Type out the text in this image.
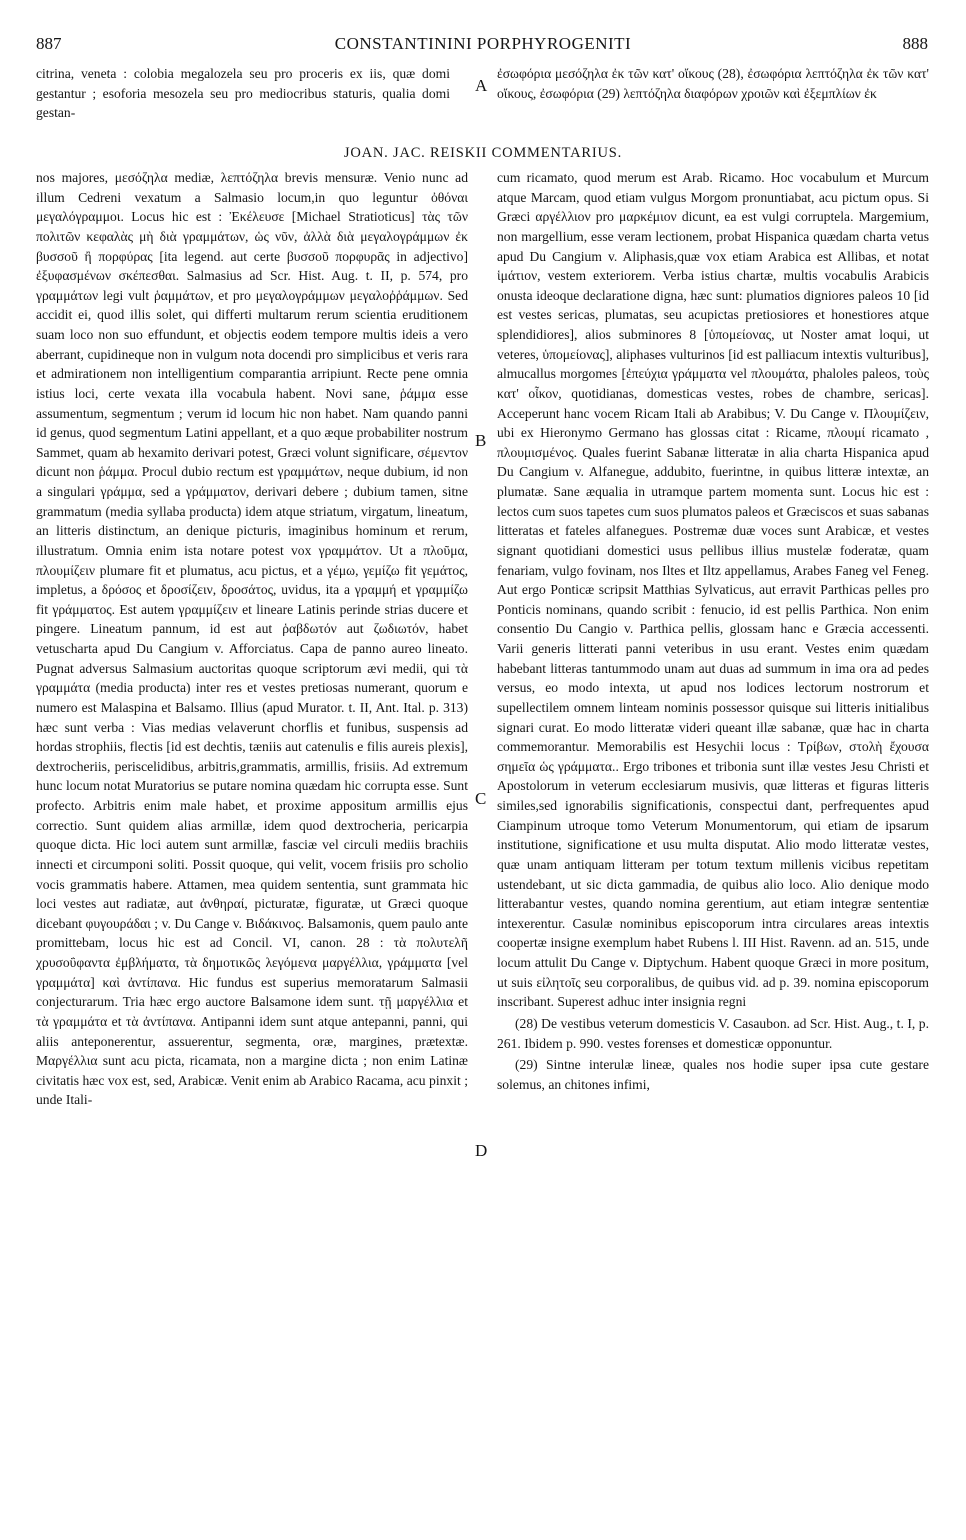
887	CONSTANTININI PORPHYROGENITI	888

citrina, veneta : colobia megalozela seu pro proceris ex iis, quæ domi gestantur ; esoforia mesozela seu pro mediocribus staturis, qualia domi gestan-

ἐσωφόρια μεσόζηλα ἐκ τῶν κατ' οἴκους (28), ἐσωφόρια λεπτόζηλα ἐκ τῶν κατ' οἴκους, ἐσωφόρια (29) λεπτόζηλα διαφόρων χροιῶν καὶ ἐξεμπλίων ἐκ

JOAN. JAC. REISKII COMMENTARIUS.

nos majores, μεσόζηλα mediæ, λεπτόζηλα brevis mensuræ. Venio nunc ad illum Cedreni vexatum a Salmasio locum,in quo leguntur ὀθόναι μεγαλόγραμμοι. Locus hic est : Ἐκέλευσε [Michael Stratioticus] τὰς τῶν πολιτῶν κεφαλὰς μὴ διὰ γραμμάτων, ὡς νῦν, ἀλλὰ διὰ μεγαλογράμμων ἐκ βυσσοῦ ἢ πορφύρας [ita legend. aut certe βυσσοῦ πορφυρᾶς in adjectivo] ἐξυφασμένων σκέπεσθαι. Salmasius ad Scr. Hist. Aug. t. II, p. 574, pro γραμμάτων legi vult ῥαμμάτων, et pro μεγαλογράμμων μεγαλοῤῥάμμων. Sed accidit ei, quod illis solet, qui differti multarum rerum scientia eruditionem suam loco non suo effundunt, et objectis eodem tempore multis ideis a vero aberrant, cupidineque non in vulgum nota docendi pro simplicibus et veris rara et admirationem non intelligentium comparantia arripiunt. Recte pene omnia istius loci, certe vexata illa vocabula habent. Novi sane, ῥάμμα esse assumentum, segmentum ; verum id locum hic non habet. Nam quando panni id genus, quod segmentum Latini appellant, et a quo æque probabiliter nostrum Sammet, quam ab hexamito derivari potest, Græci volunt significare, σέμεντον dicunt non ῥάμμα. Procul dubio rectum est γραμμάτων, neque dubium, id non a singulari γράμμα, sed a γράμματον, derivari debere ; dubium tamen, sitne grammatum (media syllaba producta) idem atque striatum, virgatum, lineatum, an litteris distinctum, an denique picturis, imaginibus hominum et rerum, illustratum. Omnia enim ista notare potest vox γραμμάτον. Ut a πλοῦμα, πλουμίζειν plumare fit et plumatus, acu pictus, et a γέμω, γεμίζω fit γεμάτος, impletus, a δρόσος et δροσίζειν, δροσάτος, uvidus, ita a γραμμή et γραμμίζω fit γράμματος. Est autem γραμμίζειν et lineare Latinis perinde strias ducere et pingere. Lineatum pannum, id est aut ῥαβδωτόν aut ζωδιωτόν, habet vetuscharta apud Du Cangium v. Afforciatus. Capa de panno aureo lineato. Pugnat adversus Salmasium auctoritas quoque scriptorum ævi medii, qui τὰ γραμμάτα (media producta) inter res et vestes pretiosas numerant, quorum e numero est Malaspina et Balsamo. Illius (apud Murator. t. II, Ant. Ital. p. 313) hæc sunt verba : Vias medias velaverunt chorflis et funibus, suspensis ad hordas strophiis, flectis [id est dechtis, tæniis aut catenulis e filis aureis plexis], dextrocheriis, periscelidibus, arbitris,grammatis, armillis, frisiis. Ad extremum hunc locum notat Muratorius se putare nomina quædam hic corrupta esse. Sunt profecto. Arbitris enim male habet, et proxime appositum armillis ejus correctio. Sunt quidem alias armillæ, idem quod dextrocheria, pericarpia quoque dicta. Hic loci autem sunt armillæ, fasciæ vel circuli mediis brachiis innecti et circumponi soliti. Possit quoque, qui velit, vocem frisiis pro scholio vocis grammatis habere. Attamen, mea quidem sententia, sunt grammata hic loci vestes aut radiatæ, aut ἀνθηραί, picturatæ, figuratæ, ut Græci quoque dicebant φυγουράδαι ; v. Du Cange v. Βιδάκινος. Balsamonis, quem paulo ante promittebam, locus hic est ad Concil. VI, canon. 28 : τὰ πολυτελῆ χρυσοΰφαντα ἐμβλήματα, τὰ δημοτικῶς λεγόμενα μαργέλλια, γράμματα [vel γραμμάτα] καὶ ἀντίπανα. Hic fundus est superius memoratarum Salmasii conjecturarum. Tria hæc ergo auctore Balsamone idem sunt. τῇ μαργέλλια et τὰ γραμμάτα et τὰ ἀντίπανα. Antipanni idem sunt atque antepanni, panni, qui aliis anteponerentur, assuerentur, segmenta, oræ, margines, prætextæ. Μαργέλλια sunt acu picta, ricamata, non a margine dicta ; non enim Latinæ civitatis hæc vox est, sed, Arabicæ. Venit enim ab Arabico Racama, acu pinxit ; unde Itali-

cum ricamato, quod merum est Arab. Ricamo. Hoc vocabulum et Murcum atque Marcam, quod etiam vulgus Morgom pronuntiabat, acu pictum opus. Si Græci αργέλλιον pro μαρκέμιον dicunt, ea est vulgi corruptela. Margemium, non margellium, esse veram lectionem, probat Hispanica quædam charta vetus apud Du Cangium v. Aliphasis,quæ vox etiam Arabica est Allibas, et notat ἱμάτιον, vestem exteriorem. Verba istius chartæ, multis vocabulis Arabicis onusta ideoque declaratione digna, hæc sunt: plumatios digniores paleos 10 [id est vestes sericas, plumatas, seu acupictas pretiosiores et honestiores atque splendidiores], alios subminores 8 [ὑπομείονας, ut Noster amat loqui, ut veteres, ὑπομείονας], aliphases vulturinos [id est palliacum intextis vulturibus], almucallus morgomes [ἐπεύχια γράμματα vel πλουμάτα, phaloles paleos, τοὺς κατ' οἶκον, quotidianas, domesticas vestes, robes de chambre, sericas]. Acceperunt hanc vocem Ricam Itali ab Arabibus; V. Du Cange v. Πλουμίζειν, ubi ex Hieronymo Germano has glossas citat : Ricame, πλουμί ricamato , πλουμισμένος. Quales fuerint Sabanæ litteratæ in alia charta Hispanica apud Du Cangium v. Alfanegue, addubito, fuerintne, in quibus litteræ intextæ, an plumatæ. Sane æqualia in utramque partem momenta sunt. Locus hic est : lectos cum suos tapetes cum suos plumatos paleos et Græciscos et suas sabanas litteratas et fateles alfanegues. Postremæ duæ voces sunt Arabicæ, et vestes signant quotidiani domestici usus pellibus illius mustelæ foderatæ, quam fenariam, vulgo fovinam, nos Iltes et Iltz appellamus, Arabes Faneg vel Feneg. Aut ergo Ponticæ scripsit Matthias Sylvaticus, aut erravit Parthicas pelles pro Ponticis nominans, quando scribit : fenucio, id est pellis Parthica. Non enim consentio Du Cangio v. Parthica pellis, glossam hanc e Græcia accessenti. Varii generis litterati panni veteribus in usu erant. Vestes enim quædam habebant litteras tantummodo unam aut duas ad summum in ima ora ad pedes versus, eo modo intexta, ut apud nos lodices lectorum nostrorum et supellectilem omnem linteam nominis possessor quisque sui litteris initialibus signari curat. Eo modo litteratæ videri queant illæ sabanæ, quæ hac in charta commemorantur. Memorabilis est Hesychii locus : Τρίβων, στολὴ ἔχουσα σημεῖα ὡς γράμματα.. Ergo tribones et tribonia sunt illæ vestes Jesu Christi et Apostolorum in veterum ecclesiarum musivis, quæ litteras et figuras litteris similes,sed ignorabilis significationis, conspectui dant, perfrequentes apud Ciampinum utroque tomo Veterum Monumentorum, qui etiam de ipsarum institutione, significatione et usu multa disputat. Alio modo litteratæ vestes, quæ unam antiquam litteram per totum textum millenis vicibus repetitam ustendebant, ut sic dicta gammadia, de quibus alio loco. Alio denique modo litterabantur vestes, quando nomina gerentium, aut etiam integræ sententiæ intexerentur. Casulæ nominibus episcoporum intra circulares areas intextis coopertæ insigne exemplum habet Rubens l. III Hist. Ravenn. ad an. 515, unde locum attulit Du Cange v. Diptychum. Habent quoque Græci in more positum, ut suis εἰλητοῖς seu corporalibus, de quibus vid. ad p. 39. nomina episcoporum inscribant. Superest adhuc inter insignia regni

(28) De vestibus veterum domesticis V. Casaubon. ad Scr. Hist. Aug., t. I, p. 261. Ibidem p. 990. vestes forenses et domesticæ opponuntur.

(29) Sintne interulæ lineæ, quales nos hodie super ipsa cute gestare solemus, an chitones infimi,

A
B
C
D
